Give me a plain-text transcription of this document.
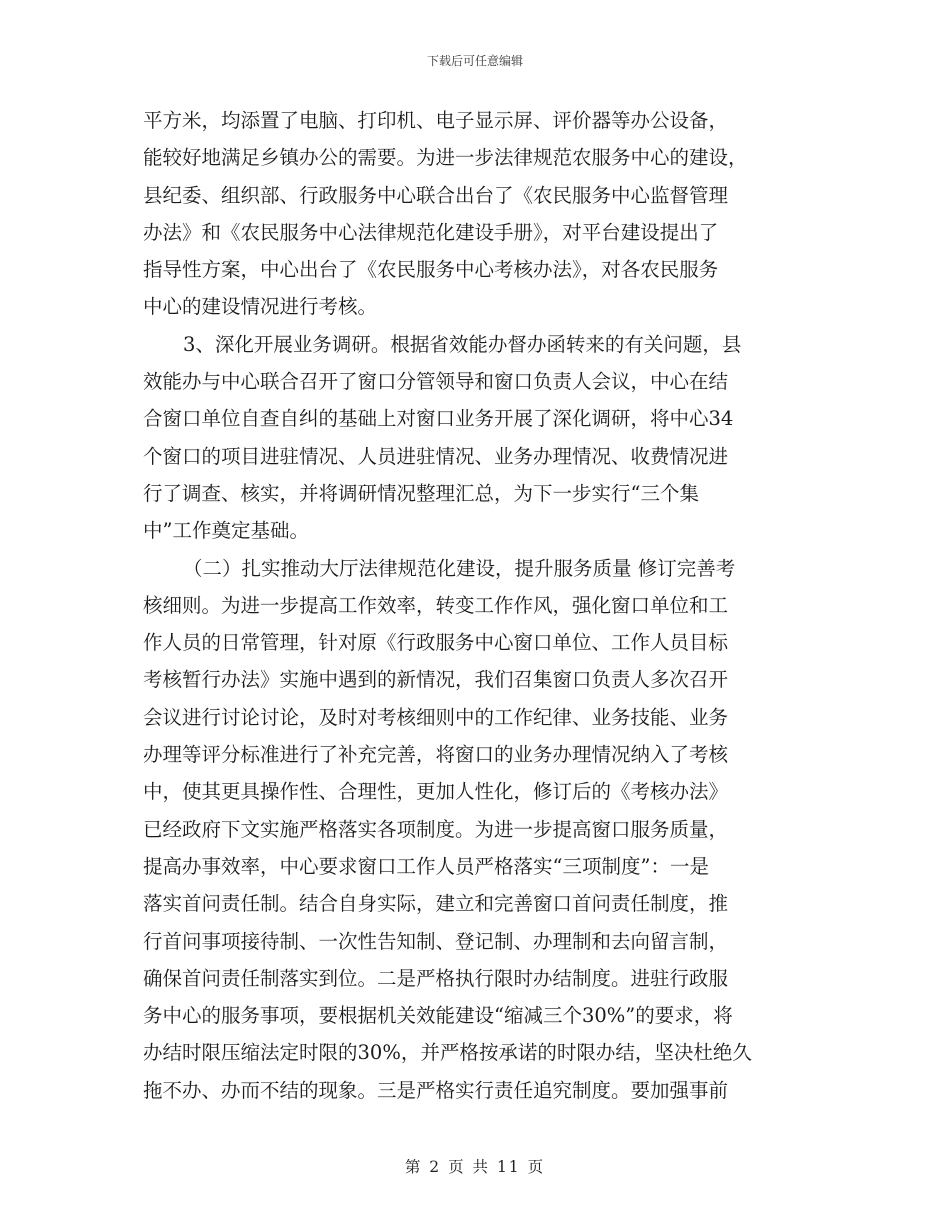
下载后可任意编辑
平方米，均添置了电脑、打印机、电子显示屏、评价器等办公设备，
能较好地满足乡镇办公的需要。为进一步法律规范农服务中心的建设，
县纪委、组织部、行政服务中心联合出台了《农民服务中心监督管理
办法》和《农民服务中心法律规范化建设手册》，对平台建设提出了
指导性方案，中心出台了《农民服务中心考核办法》，对各农民服务
中心的建设情况进行考核。
3、深化开展业务调研。根据省效能办督办函转来的有关问题，县
效能办与中心联合召开了窗口分管领导和窗口负责人会议，中心在结
合窗口单位自查自纠的基础上对窗口业务开展了深化调研，将中心34
个窗口的项目进驻情况、人员进驻情况、业务办理情况、收费情况进
行了调查、核实，并将调研情况整理汇总，为下一步实行“三个集
中”工作奠定基础。
（二）扎实推动大厅法律规范化建设，提升服务质量 修订完善考
核细则。为进一步提高工作效率，转变工作作风，强化窗口单位和工
作人员的日常管理，针对原《行政服务中心窗口单位、工作人员目标
考核暂行办法》实施中遇到的新情况，我们召集窗口负责人多次召开
会议进行讨论讨论，及时对考核细则中的工作纪律、业务技能、业务
办理等评分标准进行了补充完善，将窗口的业务办理情况纳入了考核
中，使其更具操作性、合理性，更加人性化，修订后的《考核办法》
已经政府下文实施严格落实各项制度。为进一步提高窗口服务质量，
提高办事效率，中心要求窗口工作人员严格落实“三项制度”：一是
落实首问责任制。结合自身实际，建立和完善窗口首问责任制度，推
行首问事项接待制、一次性告知制、登记制、办理制和去向留言制，
确保首问责任制落实到位。二是严格执行限时办结制度。进驻行政服
务中心的服务事项，要根据机关效能建设“缩减三个30%”的要求，将
办结时限压缩法定时限的30%，并严格按承诺的时限办结，坚决杜绝久
拖不办、办而不结的现象。三是严格实行责任追究制度。要加强事前
第 2 页 共 11 页
